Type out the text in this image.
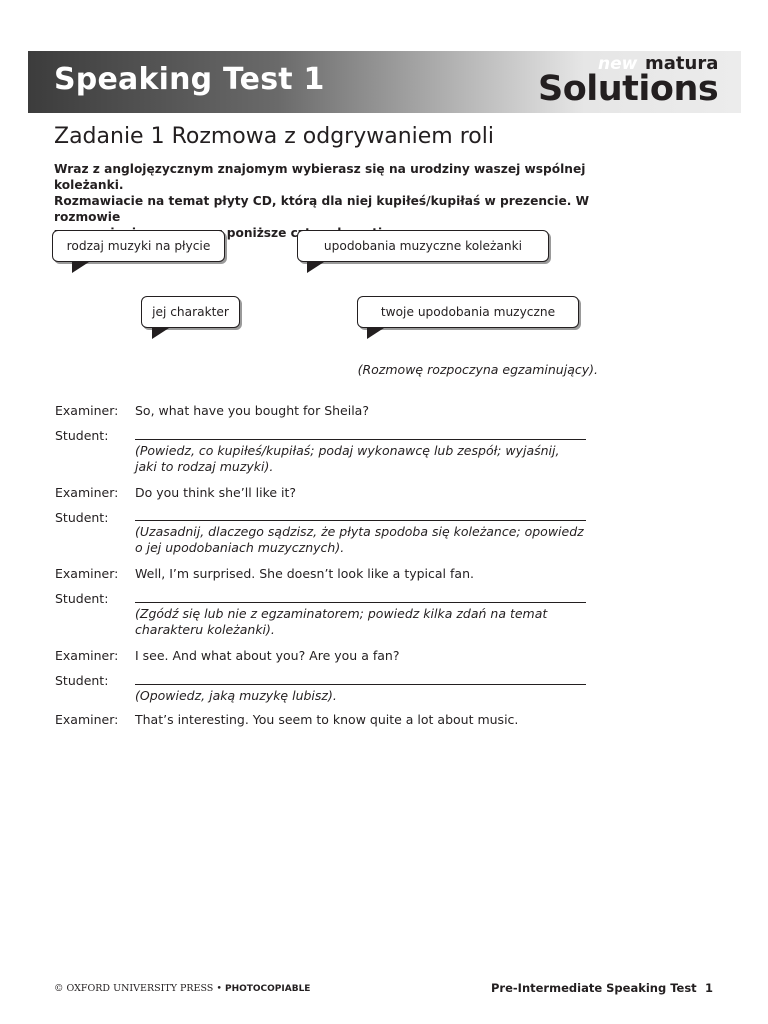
Speaking Test 1	new matura
Solutions
Zadanie 1 Rozmowa z odgrywaniem roli
Wraz z anglojęzycznym znajomym wybierasz się na urodziny waszej wspólnej koleżanki.
Rozmawiacie na temat płyty CD, którą dla niej kupiłeś/kupiłaś w prezencie. W rozmowie
poniższe
rodzaj muzyki na płycie	upodobania muzyczne koleżanki
jej charakter	twoje upodobania muzyczne
(Rozmowę rozpoczyna egzaminujący).
Examiner: So, what have you bought for Sheila?
Student:
(Powiedz, co kupiłeś/kupiłaś; podaj wykonawcę lub zespół; wyjaśnij,
jaki to rodzaj muzyki).
Examiner: Do you think she’ll like it?
Student:
(Uzasadnij, dlaczego sądzisz, że płyta spodoba się koleżance; opowiedz
o jej upodobaniach muzycznych).
Examiner: Well, I’m surprised. She doesn’t look like a typical fan.
Student:
(Zgódź się lub nie z egzaminatorem; powiedz kilka zdań na temat
charakteru koleżanki).
Examiner: I see. And what about you? Are you a fan?
Student:
(Opowiedz, jaką muzykę lubisz).
Examiner: That’s interesting. You seem to know quite a lot about music.
© OXFORD UNIVERSITY PRESS • PHOTOCOPIABLE	Pre-Intermediate Speaking Test 1
